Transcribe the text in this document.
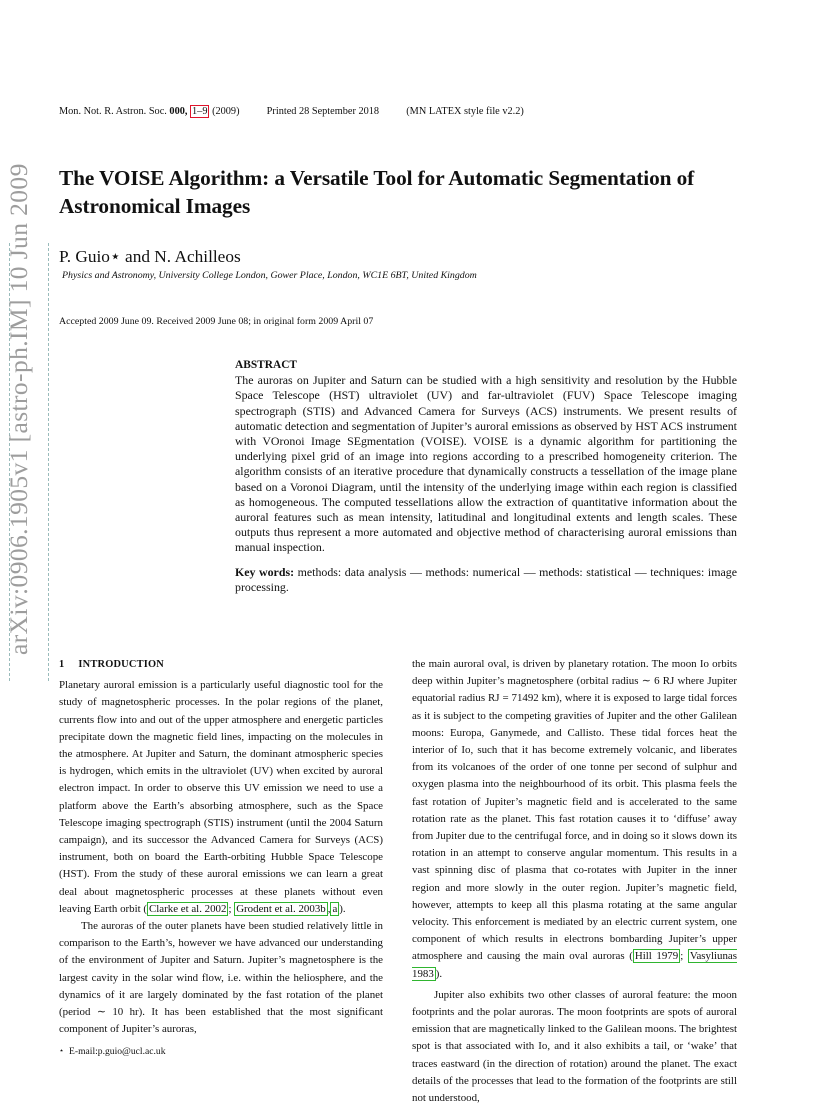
Mon. Not. R. Astron. Soc. 000, 1–9 (2009)	Printed 28 September 2018	(MN LATEX style file v2.2)
The VOISE Algorithm: a Versatile Tool for Automatic Segmentation of Astronomical Images
P. Guio⋆ and N. Achilleos
Physics and Astronomy, University College London, Gower Place, London, WC1E 6BT, United Kingdom
Accepted 2009 June 09. Received 2009 June 08; in original form 2009 April 07
arXiv:0906.1905v1 [astro-ph.IM] 10 Jun 2009	ABSTRACT

The auroras on Jupiter and Saturn can be studied with a high sensitivity and resolution by the Hubble Space Telescope (HST) ultraviolet (UV) and far-ultraviolet (FUV) Space Telescope imaging spectrograph (STIS) and Advanced Camera for Surveys (ACS) instruments. We present results of automatic detection and segmentation of Jupiter’s auroral emissions as observed by HST ACS instrument with VOronoi Image SEgmentation (VOISE). VOISE is a dynamic algorithm for partitioning the underlying pixel grid of an image into regions according to a prescribed homogeneity criterion. The algorithm consists of an iterative procedure that dynamically constructs a tessellation of the image plane based on a Voronoi Diagram, until the intensity of the underlying image within each region is classified as homogeneous. The computed tessellations allow the extraction of quantitative information about the auroral features such as mean intensity, latitudinal and longitudinal extents and length scales. These outputs thus represent a more automated and objective method of characterising auroral emissions than manual inspection.

Key words: methods: data analysis — methods: numerical — methods: statistical — techniques: image processing.

1 INTRODUCTION

Planetary auroral emission is a particularly useful diagnostic tool for the study of magnetospheric processes. In the polar regions of the planet, currents flow into and out of the upper atmosphere and energetic particles precipitate down the magnetic field lines, impacting on the molecules in the atmosphere. At Jupiter and Saturn, the dominant atmospheric species is hydrogen, which emits in the ultraviolet (UV) when excited by auroral electron impact. In order to observe this UV emission we need to use a platform above the Earth’s absorbing atmosphere, such as the Space Telescope imaging spectrograph (STIS) instrument (until the 2004 Saturn campaign), and its successor the Advanced Camera for Surveys (ACS) instrument, both on board the Earth-orbiting Hubble Space Telescope (HST). From the study of these auroral emissions we can learn a great deal about magnetospheric processes at these planets without even leaving Earth orbit ( Clarke et al. 2002 ; Grodent et al. 2003b , a ).

The auroras of the outer planets have been studied relatively little in comparison to the Earth’s, however we have advanced our understanding of the environment of Jupiter and Saturn. Jupiter’s magnetosphere is the largest cavity in the solar wind flow, i.e. within the heliosphere, and the dynamics of it are largely dominated by the fast rotation of the planet (period ∼ 10 hr). It has been established that the most significant component of Jupiter’s auroras,

the main auroral oval, is driven by planetary rotation. The moon Io orbits deep within Jupiter’s magnetosphere (orbital radius ∼ 6 RJ where Jupiter equatorial radius RJ = 71492 km), where it is exposed to large tidal forces as it is subject to the competing gravities of Jupiter and the other Galilean moons: Europa, Ganymede, and Callisto. These tidal forces heat the interior of Io, such that it has become extremely volcanic, and liberates from its volcanoes of the order of one tonne per second of sulphur and oxygen plasma into the neighbourhood of its orbit. This plasma feels the fast rotation of Jupiter’s magnetic field and is accelerated to the same rotation rate as the planet. This fast rotation causes it to ‘diffuse’ away from Jupiter due to the centrifugal force, and in doing so it slows down its rotation in an attempt to conserve angular momentum. This results in a vast spinning disc of plasma that co-rotates with Jupiter in the inner region and more slowly in the outer region. Jupiter’s magnetic field, however, attempts to keep all this plasma rotating at the same angular velocity. This enforcement is mediated by an electric current system, one component of which results in electrons bombarding Jupiter’s upper atmosphere and causing the main oval auroras ( Hill 1979 ; Vasyliunas 1983 ).

Jupiter also exhibits two other classes of auroral feature: the moon footprints and the polar auroras. The moon footprints are spots of auroral emission that are magnetically linked to the Galilean moons. The brightest spot is that associated with Io, and it also exhibits a tail, or ‘wake’ that traces eastward (in the direction of rotation) around the planet. The exact details of the processes that lead to the formation of the footprints are still not understood,

⋆ E-mail:p.guio@ucl.ac.uk
